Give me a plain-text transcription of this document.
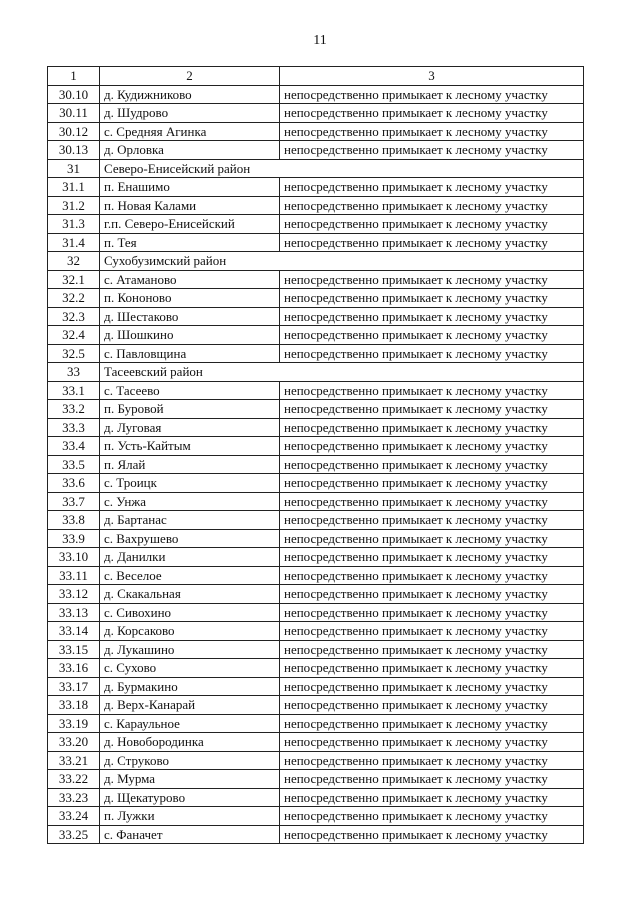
11
1	2	3
30.10	д. Кудижниково	непосредственно примыкает к лесному участку
30.11	д. Шудрово	непосредственно примыкает к лесному участку
30.12	с. Средняя Агинка	непосредственно примыкает к лесному участку
30.13	д. Орловка	непосредственно примыкает к лесному участку
31	Северо-Енисейский район	
31.1	п. Енашимо	непосредственно примыкает к лесному участку
31.2	п. Новая Калами	непосредственно примыкает к лесному участку
31.3	г.п. Северо-Енисейский	непосредственно примыкает к лесному участку
31.4	п. Тея	непосредственно примыкает к лесному участку
32	Сухобузимский район	
32.1	с. Атаманово	непосредственно примыкает к лесному участку
32.2	п. Кононово	непосредственно примыкает к лесному участку
32.3	д. Шестаково	непосредственно примыкает к лесному участку
32.4	д. Шошкино	непосредственно примыкает к лесному участку
32.5	с. Павловщина	непосредственно примыкает к лесному участку
33	Тасеевский район	
33.1	с. Тасеево	непосредственно примыкает к лесному участку
33.2	п. Буровой	непосредственно примыкает к лесному участку
33.3	д. Луговая	непосредственно примыкает к лесному участку
33.4	п. Усть-Кайтым	непосредственно примыкает к лесному участку
33.5	п. Ялай	непосредственно примыкает к лесному участку
33.6	с. Троицк	непосредственно примыкает к лесному участку
33.7	с. Унжа	непосредственно примыкает к лесному участку
33.8	д. Бартанас	непосредственно примыкает к лесному участку
33.9	с. Вахрушево	непосредственно примыкает к лесному участку
33.10	д. Данилки	непосредственно примыкает к лесному участку
33.11	с. Веселое	непосредственно примыкает к лесному участку
33.12	д. Скакальная	непосредственно примыкает к лесному участку
33.13	с. Сивохино	непосредственно примыкает к лесному участку
33.14	д. Корсаково	непосредственно примыкает к лесному участку
33.15	д. Лукашино	непосредственно примыкает к лесному участку
33.16	с. Сухово	непосредственно примыкает к лесному участку
33.17	д. Бурмакино	непосредственно примыкает к лесному участку
33.18	д. Верх-Канарай	непосредственно примыкает к лесному участку
33.19	с. Караульное	непосредственно примыкает к лесному участку
33.20	д. Новобородинка	непосредственно примыкает к лесному участку
33.21	д. Струково	непосредственно примыкает к лесному участку
33.22	д. Мурма	непосредственно примыкает к лесному участку
33.23	д. Щекатурово	непосредственно примыкает к лесному участку
33.24	п. Лужки	непосредственно примыкает к лесному участку
33.25	с. Фаначет	непосредственно примыкает к лесному участку
